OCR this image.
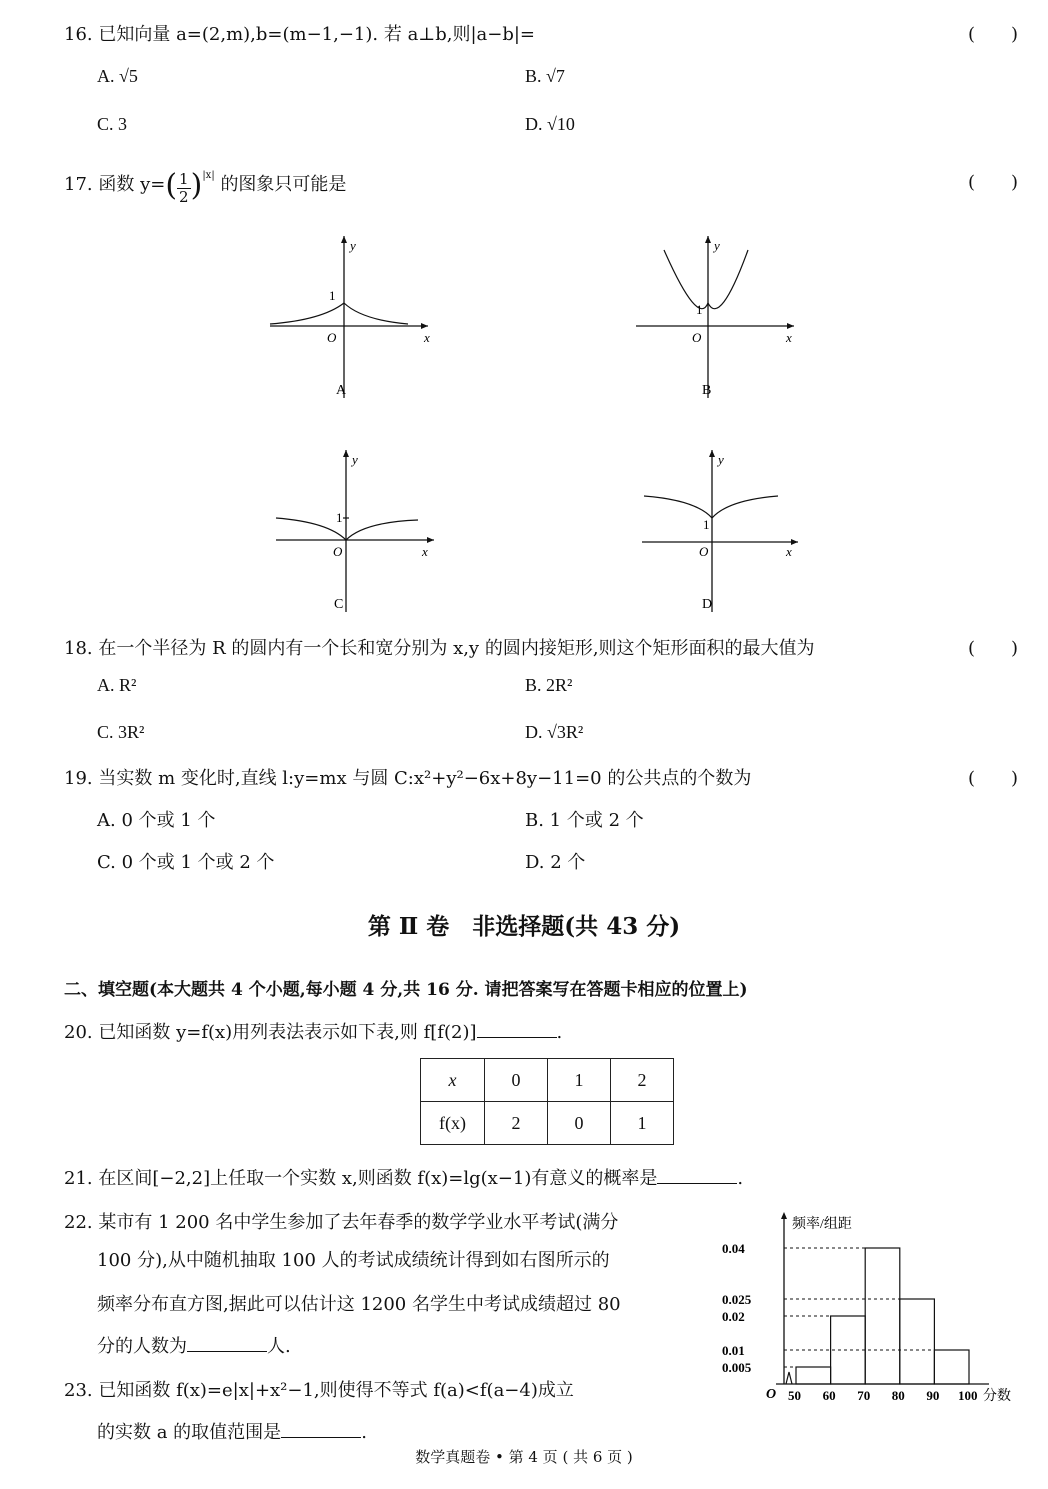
16. 已知向量 a=(2,m),b=(m−1,−1). 若 a⊥b,则|a−b|=	(　　)
A. √5	B. √7
C. 3	D. √10
17. 函数 $y=( \frac{1}{2} )^{|x|}$ 的图象只可能是	(　　)
y
x
O
1
A
y
x
O
1
B
y
x
O
1
C
y
x
O
1
D
18. 在一个半径为 R 的圆内有一个长和宽分别为 x,y 的圆内接矩形,则这个矩形面积的最大值为	(　　)
A. R²	B. 2R²
C. 3R²	D. √3R²
19. 当实数 m 变化时,直线 l:y=mx 与圆 C:x²+y²−6x+8y−11=0 的公共点的个数为	(　　)
A. 0 个或 1 个	B. 1 个或 2 个
C. 0 个或 1 个或 2 个	D. 2 个
第 Ⅱ 卷　非选择题(共 43 分)
二、填空题(本大题共 4 个小题,每小题 4 分,共 16 分. 请把答案写在答题卡相应的位置上)
20. 已知函数 y=f(x)用列表法表示如下表,则 f[f(2)]	.
x	0	1	2
f(x)	2	0	1
21. 在区间[−2,2]上任取一个实数 x,则函数 f(x)=lg(x−1)有意义的概率是	.
22. 某市有 1 200 名中学生参加了去年春季的数学学业水平考试(满分
100 分),从中随机抽取 100 人的考试成绩统计得到如右图所示的
频率分布直方图,据此可以估计这 1200 名学生中考试成绩超过 80
分的人数为	人.
23. 已知函数 f(x)=e|x|+x²−1,则使得不等式 f(a)<f(a−4)成立
的实数 a 的取值范围是	.
0.04
0.025
0.02
0.01
0.005
50 60 70 80 90 100
O
频率/组距
分数
数学真题卷 • 第 4 页 ( 共 6 页 )
